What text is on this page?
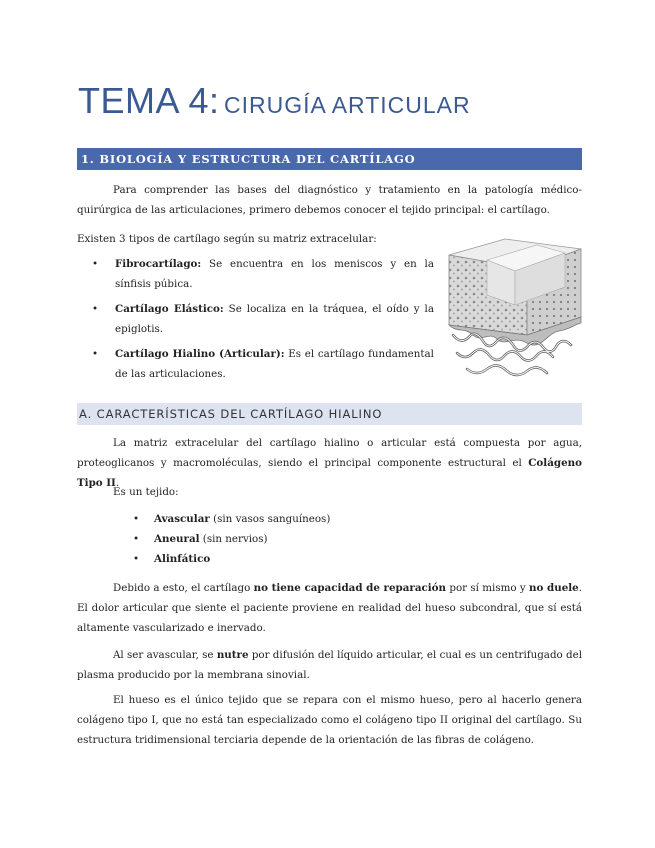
TEMA 4: CIRUGÍA ARTICULAR
1. BIOLOGÍA Y ESTRUCTURA DEL CARTÍLAGO
Para comprender las bases del diagnóstico y tratamiento en la patología médico-quirúrgica de las articulaciones, primero debemos conocer el tejido principal: el cartílago.
Existen 3 tipos de cartílago según su matriz extracelular:
• Fibrocartílago: Se encuentra en los meniscos y en la sínfisis púbica.
• Cartílago Elástico: Se localiza en la tráquea, el oído y la epiglotis.
• Cartílago Hialino (Articular): Es el cartílago fundamental de las articulaciones.
A. CARACTERÍSTICAS DEL CARTÍLAGO HIALINO
La matriz extracelular del cartílago hialino o articular está compuesta por agua, proteoglicanos y macromoléculas, siendo el principal componente estructural el Colágeno Tipo II.
Es un tejido:
• Avascular (sin vasos sanguíneos)
• Aneural (sin nervios)
• Alinfático
Debido a esto, el cartílago no tiene capacidad de reparación por sí mismo y no duele. El dolor articular que siente el paciente proviene en realidad del hueso subcondral, que sí está altamente vascularizado e inervado.
Al ser avascular, se nutre por difusión del líquido articular, el cual es un centrifugado del plasma producido por la membrana sinovial.
El hueso es el único tejido que se repara con el mismo hueso, pero al hacerlo genera colágeno tipo I, que no está tan especializado como el colágeno tipo II original del cartílago. Su estructura tridimensional terciaria depende de la orientación de las fibras de colágeno.
